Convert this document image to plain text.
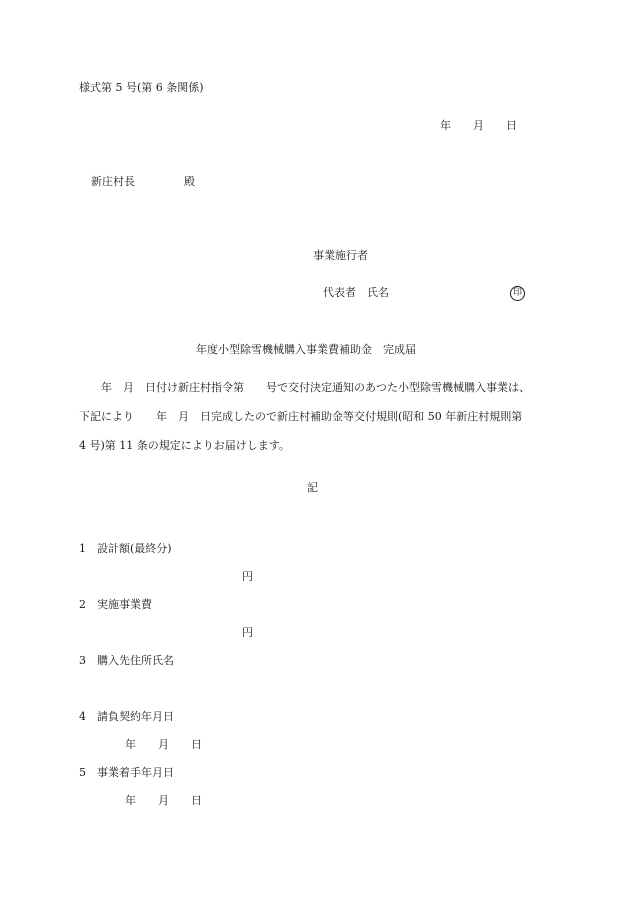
様式第 5 号(第 6 条関係)
年　　月　　日
新庄村長	殿
事業施行者
代表者　氏名	印
年度小型除雪機械購入事業費補助金　完成届
年　月　日付け新庄村指令第　　号で交付決定通知のあつた小型除雪機械購入事業は、
下記により　　年　月　日完成したので新庄村補助金等交付規則(昭和 50 年新庄村規則第
4 号)第 11 条の規定によりお届けします。
記
1　設計額(最終分)
円
2　実施事業費
円
3　購入先住所氏名
4　請負契約年月日
年　　月　　日
5　事業着手年月日
年　　月　　日
